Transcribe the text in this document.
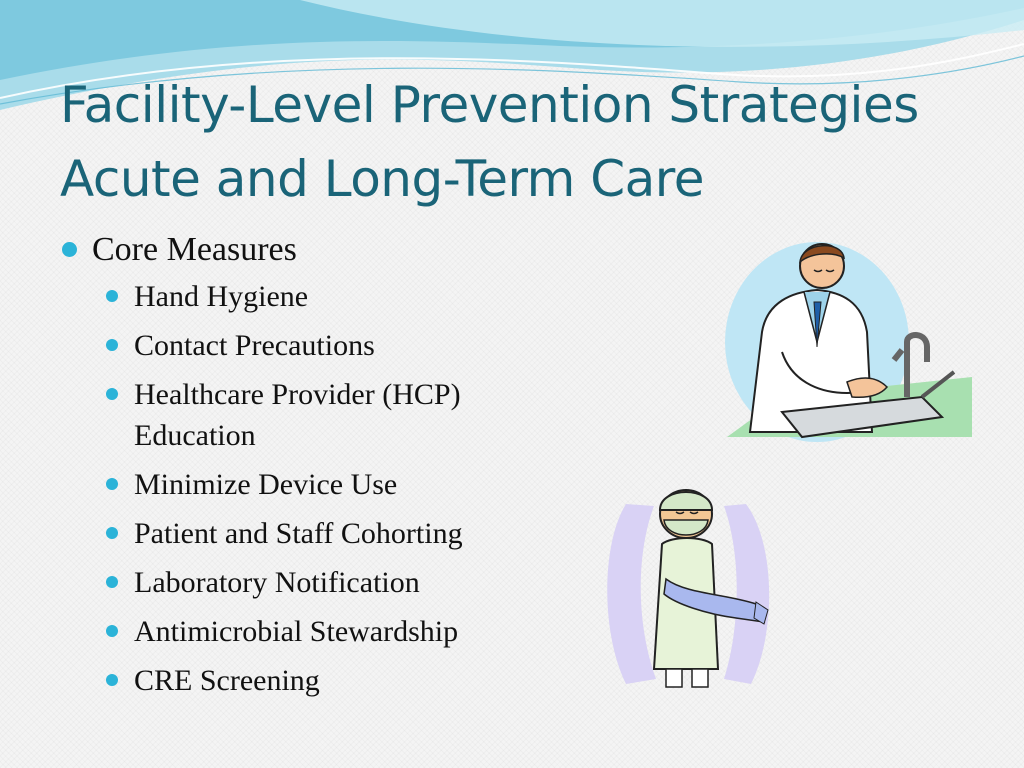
Facility-Level Prevention Strategies
Acute and Long-Term Care
Core Measures
Hand Hygiene
Contact Precautions
Healthcare Provider (HCP) Education
Minimize Device Use
Patient and Staff Cohorting
Laboratory Notification
Antimicrobial Stewardship
CRE Screening
